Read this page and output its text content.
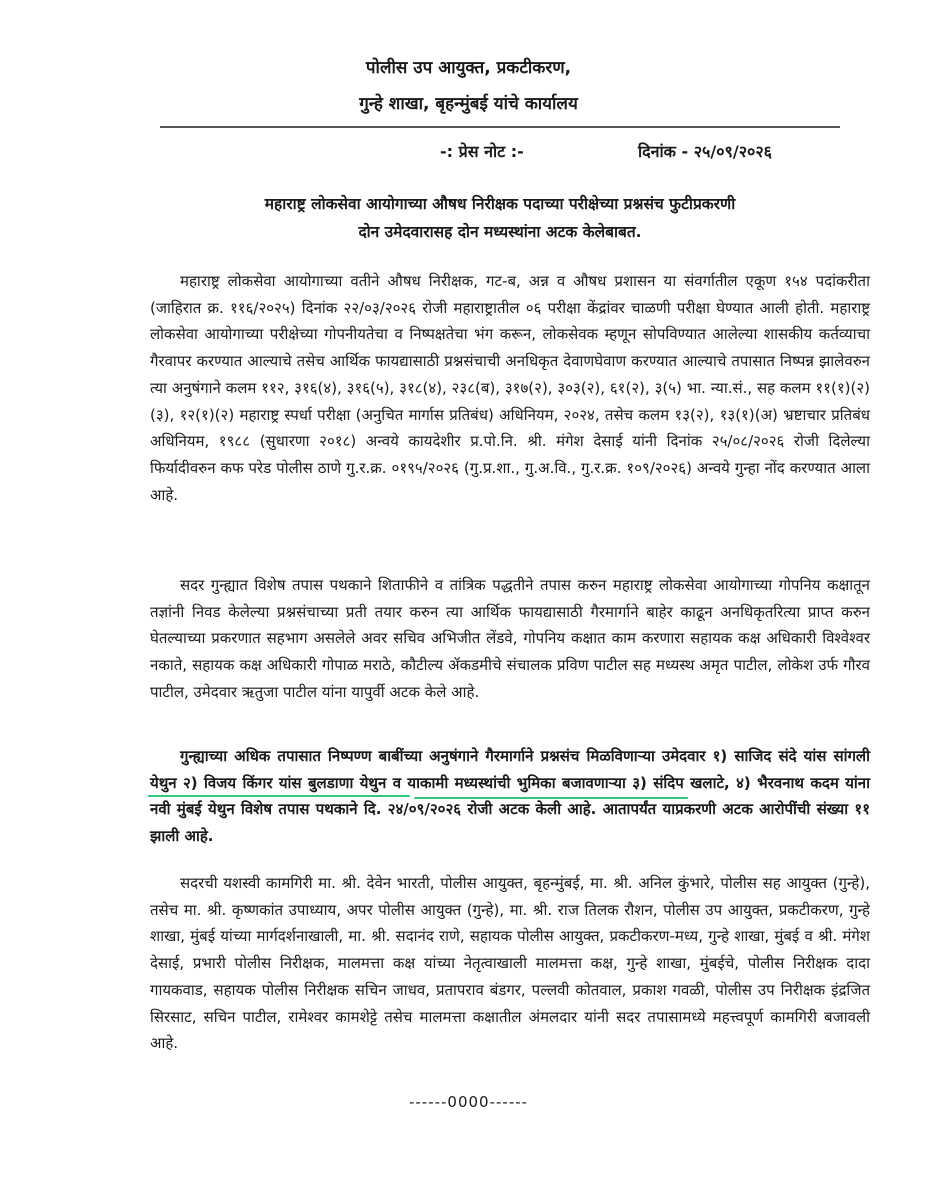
पोलीस उप आयुक्त, प्रकटीकरण,
गुन्हे शाखा, बृहन्मुंबई यांचे कार्यालय
-: प्रेस नोट :-	दिनांक - २५/०९/२०२६
महाराष्ट्र लोकसेवा आयोगाच्या औषध निरीक्षक पदाच्या परीक्षेच्या प्रश्नसंच फुटीप्रकरणी
दोन उमेदवारासह दोन मध्यस्थांना अटक केलेबाबत.

महाराष्ट्र लोकसेवा आयोगाच्या वतीने औषध निरीक्षक, गट-ब, अन्न व औषध प्रशासन या संवर्गातील एकूण १५४ पदांकरीता (जाहिरात क्र. ११६/२०२५) दिनांक २२/०३/२०२६ रोजी महाराष्ट्रातील ०६ परीक्षा केंद्रांवर चाळणी परीक्षा घेण्यात आली होती. महाराष्ट्र लोकसेवा आयोगाच्या परीक्षेच्या गोपनीयतेचा व निष्पक्षतेचा भंग करून, लोकसेवक म्हणून सोपविण्यात आलेल्या शासकीय कर्तव्याचा गैरवापर करण्यात आल्याचे तसेच आर्थिक फायद्यासाठी प्रश्नसंचाची अनधिकृत देवाणघेवाण करण्यात आल्याचे तपासात निष्पन्न झालेवरुन त्या अनुषंगाने कलम ११२, ३१६(४), ३१६(५), ३१८(४), २३८(ब), ३१७(२), ३०३(२), ६१(२), ३(५) भा. न्या.सं., सह कलम ११(१)(२)(३), १२(१)(२) महाराष्ट्र स्पर्धा परीक्षा (अनुचित मार्गास प्रतिबंध) अधिनियम, २०२४, तसेच कलम १३(२), १३(१)(अ) भ्रष्टाचार प्रतिबंध अधिनियम, १९८८ (सुधारणा २०१८) अन्वये कायदेशीर प्र.पो.नि. श्री. मंगेश देसाई यांनी दिनांक २५/०८/२०२६ रोजी दिलेल्या फिर्यादीवरुन कफ परेड पोलीस ठाणे गु.र.क्र. ०१९५/२०२६ (गु.प्र.शा., गु.अ.वि., गु.र.क्र. १०९/२०२६) अन्वये गुन्हा नोंद करण्यात आला आहे.

सदर गुन्ह्यात विशेष तपास पथकाने शिताफीने व तांत्रिक पद्धतीने तपास करुन महाराष्ट्र लोकसेवा आयोगाच्या गोपनिय कक्षातून तज्ञांनी निवड केलेल्या प्रश्नसंचाच्या प्रती तयार करुन त्या आर्थिक फायद्यासाठी गैरमार्गाने बाहेर काढून अनधिकृतरित्या प्राप्त करुन घेतल्याच्या प्रकरणात सहभाग असलेले अवर सचिव अभिजीत लेंडवे, गोपनिय कक्षात काम करणारा सहायक कक्ष अधिकारी विश्वेश्वर नकाते, सहायक कक्ष अधिकारी गोपाळ मराठे, कौटील्य ॲकडमीचे संचालक प्रविण पाटील सह मध्यस्थ अमृत पाटील, लोकेश उर्फ गौरव पाटील, उमेदवार ऋतुजा पाटील यांना यापुर्वी अटक केले आहे.

गुन्ह्याच्या अधिक तपासात निष्पण्ण बाबींच्या अनुषंगाने गैरमार्गाने प्रश्नसंच मिळविणाऱ्या उमेदवार १) साजिद संदे यांस सांगली येथुन २) विजय किंगर यांस बुलडाणा येथुन व याकामी मध्यस्थांची भुमिका बजावणाऱ्या ३) संदिप खलाटे, ४) भैरवनाथ कदम यांना नवी मुंबई येथुन विशेष तपास पथकाने दि. २४/०९/२०२६ रोजी अटक केली आहे. आतापर्यंत याप्रकरणी अटक आरोपींची संख्या ११ झाली आहे.

सदरची यशस्वी कामगिरी मा. श्री. देवेन भारती, पोलीस आयुक्त, बृहन्मुंबई, मा. श्री. अनिल कुंभारे, पोलीस सह आयुक्त (गुन्हे), तसेच मा. श्री. कृष्णकांत उपाध्याय, अपर पोलीस आयुक्त (गुन्हे), मा. श्री. राज तिलक रौशन, पोलीस उप आयुक्त, प्रकटीकरण, गुन्हे शाखा, मुंबई यांच्या मार्गदर्शनाखाली, मा. श्री. सदानंद राणे, सहायक पोलीस आयुक्त, प्रकटीकरण-मध्य, गुन्हे शाखा, मुंबई व श्री. मंगेश देसाई, प्रभारी पोलीस निरीक्षक, मालमत्ता कक्ष यांच्या नेतृत्वाखाली मालमत्ता कक्ष, गुन्हे शाखा, मुंबईचे, पोलीस निरीक्षक दादा गायकवाड, सहायक पोलीस निरीक्षक सचिन जाधव, प्रतापराव बंडगर, पल्लवी कोतवाल, प्रकाश गवळी, पोलीस उप निरीक्षक इंद्रजित सिरसाट, सचिन पाटील, रामेश्वर कामशेट्टे तसेच मालमत्ता कक्षातील अंमलदार यांनी सदर तपासामध्ये महत्त्वपूर्ण कामगिरी बजावली आहे.

------0000------
